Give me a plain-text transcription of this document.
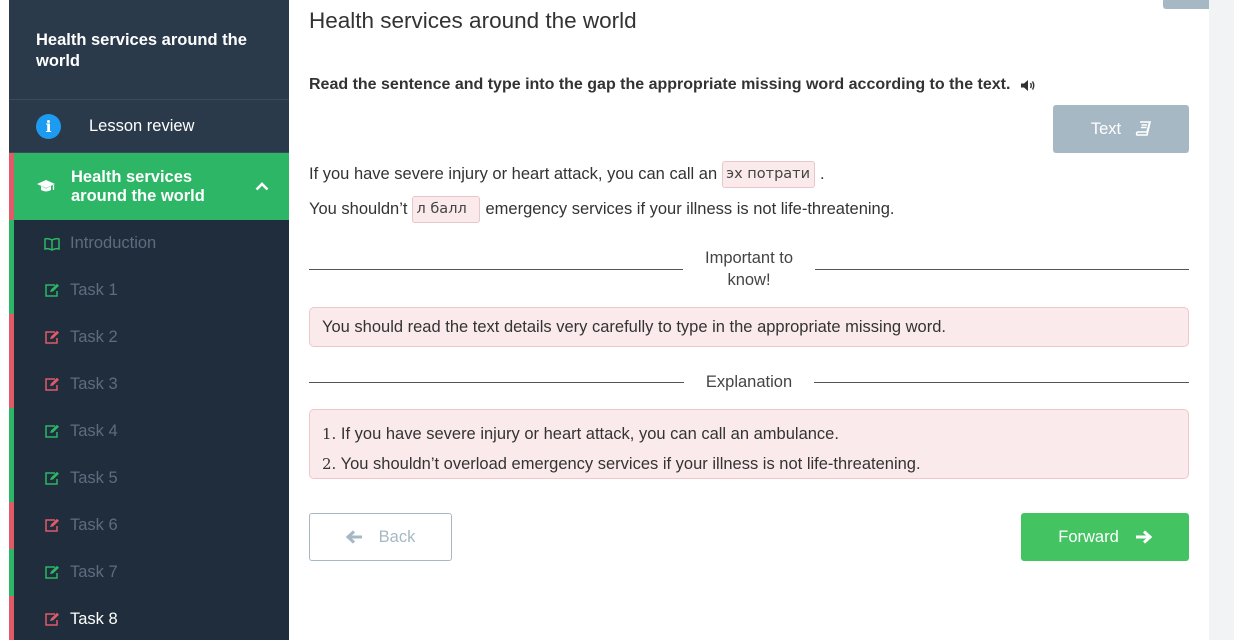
Health services around the world
i	Lesson review
Health services
around the world
Introduction
Task 1
Task 2
Task 3
Task 4
Task 5
Task 6
Task 7
Task 8
Health services around the world
Read the sentence and type into the gap the appropriate missing word according to the text.
Text
If you have severe injury or heart attack, you can call an эх потрати .
You shouldn’t л балл	emergency services if your illness is not life-threatening.
Important to
know!
You should read the text details very carefully to type in the appropriate missing word.
Explanation
1. If you have severe injury or heart attack, you can call an ambulance.
2. You shouldn’t overload emergency services if your illness is not life-threatening.
Back	Forward
